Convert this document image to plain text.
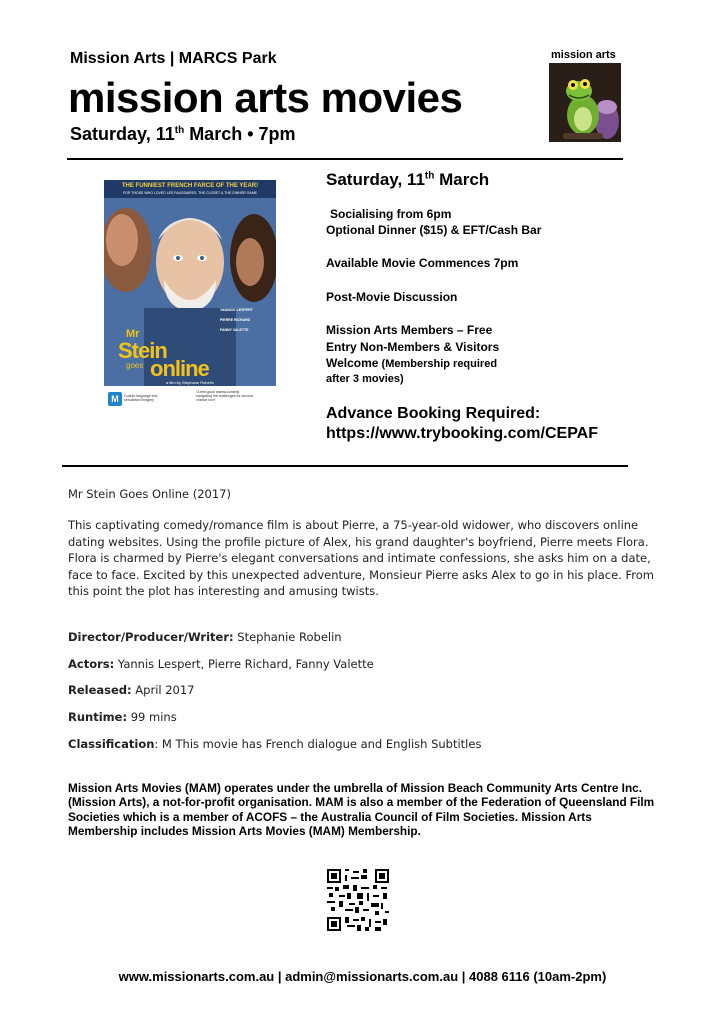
Mission Arts | MARCS Park
mission arts movies
Saturday, 11th March • 7pm
mission arts
THE FUNNIEST FRENCH FARCE OF THE YEAR!
FOR THOSE WHO LOVED LES FAUSSAIRES, THE CLOSET & THE DINNER GAME
Mr
Stein
goes online
YANNICK LESPERT
PIERRE RICHARD
FANNY VALETTE
a film by Stéphane Robelin
M	Coarse language and sexualised imagery
"A feel-good drama-comedy navigating the challenges for second-chance love"
Saturday, 11th March
Socialising from 6pm
Optional Dinner ($15) & EFT/Cash Bar
Available Movie Commences 7pm
Post-Movie Discussion
Mission Arts Members – Free
Entry Non-Members & Visitors
Welcome (Membership required
after 3 movies)
Advance Booking Required:
https://www.trybooking.com/CEPAF
Mr Stein Goes Online (2017)
This captivating comedy/romance film is about Pierre, a 75-year-old widower, who discovers online dating websites. Using the profile picture of Alex, his grand daughter's boyfriend, Pierre meets Flora. Flora is charmed by Pierre's elegant conversations and intimate confessions, she asks him on a date, face to face. Excited by this unexpected adventure, Monsieur Pierre asks Alex to go in his place. From this point the plot has interesting and amusing twists.
Director/Producer/Writer: Stephanie Robelin
Actors: Yannis Lespert, Pierre Richard, Fanny Valette
Released: April 2017
Runtime: 99 mins
Classification: M This movie has French dialogue and English Subtitles
Mission Arts Movies (MAM) operates under the umbrella of Mission Beach Community Arts Centre Inc. (Mission Arts), a not-for-profit organisation. MAM is also a member of the Federation of Queensland Film Societies which is a member of ACOFS – the Australia Council of Film Societies. Mission Arts Membership includes Mission Arts Movies (MAM) Membership.
www.missionarts.com.au | admin@missionarts.com.au | 4088 6116 (10am-2pm)
